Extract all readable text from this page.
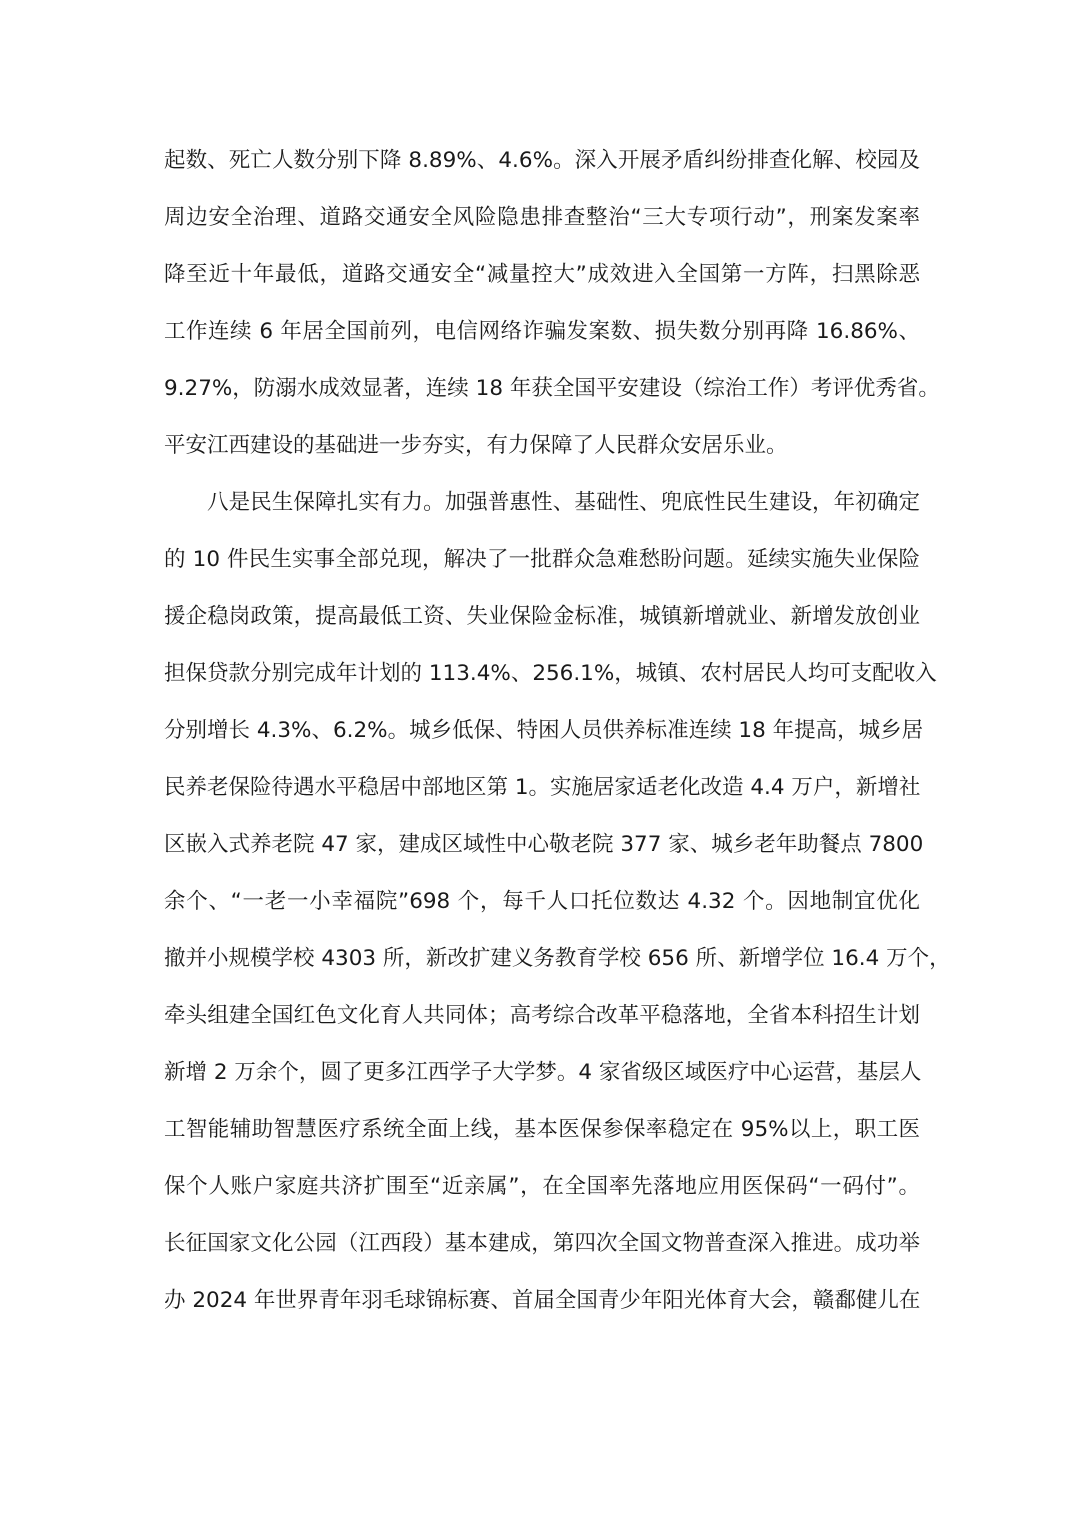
起数、死亡人数分别下降 8.89%、4.6%。深入开展矛盾纠纷排查化解、校园及
周边安全治理、道路交通安全风险隐患排查整治“三大专项行动”，刑案发案率
降至近十年最低，道路交通安全“减量控大”成效进入全国第一方阵，扫黑除恶
工作连续 6 年居全国前列，电信网络诈骗发案数、损失数分别再降 16.86%、
9.27%，防溺水成效显著，连续 18 年获全国平安建设（综治工作）考评优秀省。
平安江西建设的基础进一步夯实，有力保障了人民群众安居乐业。
八是民生保障扎实有力。加强普惠性、基础性、兜底性民生建设，年初确定
的 10 件民生实事全部兑现，解决了一批群众急难愁盼问题。延续实施失业保险
援企稳岗政策，提高最低工资、失业保险金标准，城镇新增就业、新增发放创业
担保贷款分别完成年计划的 113.4%、256.1%，城镇、农村居民人均可支配收入
分别增长 4.3%、6.2%。城乡低保、特困人员供养标准连续 18 年提高，城乡居
民养老保险待遇水平稳居中部地区第 1。实施居家适老化改造 4.4 万户，新增社
区嵌入式养老院 47 家，建成区域性中心敬老院 377 家、城乡老年助餐点 7800
余个、“一老一小幸福院”698 个，每千人口托位数达 4.32 个。因地制宜优化
撤并小规模学校 4303 所，新改扩建义务教育学校 656 所、新增学位 16.4 万个，
牵头组建全国红色文化育人共同体；高考综合改革平稳落地，全省本科招生计划
新增 2 万余个，圆了更多江西学子大学梦。4 家省级区域医疗中心运营，基层人
工智能辅助智慧医疗系统全面上线，基本医保参保率稳定在 95%以上，职工医
保个人账户家庭共济扩围至“近亲属”，在全国率先落地应用医保码“一码付”。
长征国家文化公园（江西段）基本建成，第四次全国文物普查深入推进。成功举
办 2024 年世界青年羽毛球锦标赛、首届全国青少年阳光体育大会，赣鄱健儿在
